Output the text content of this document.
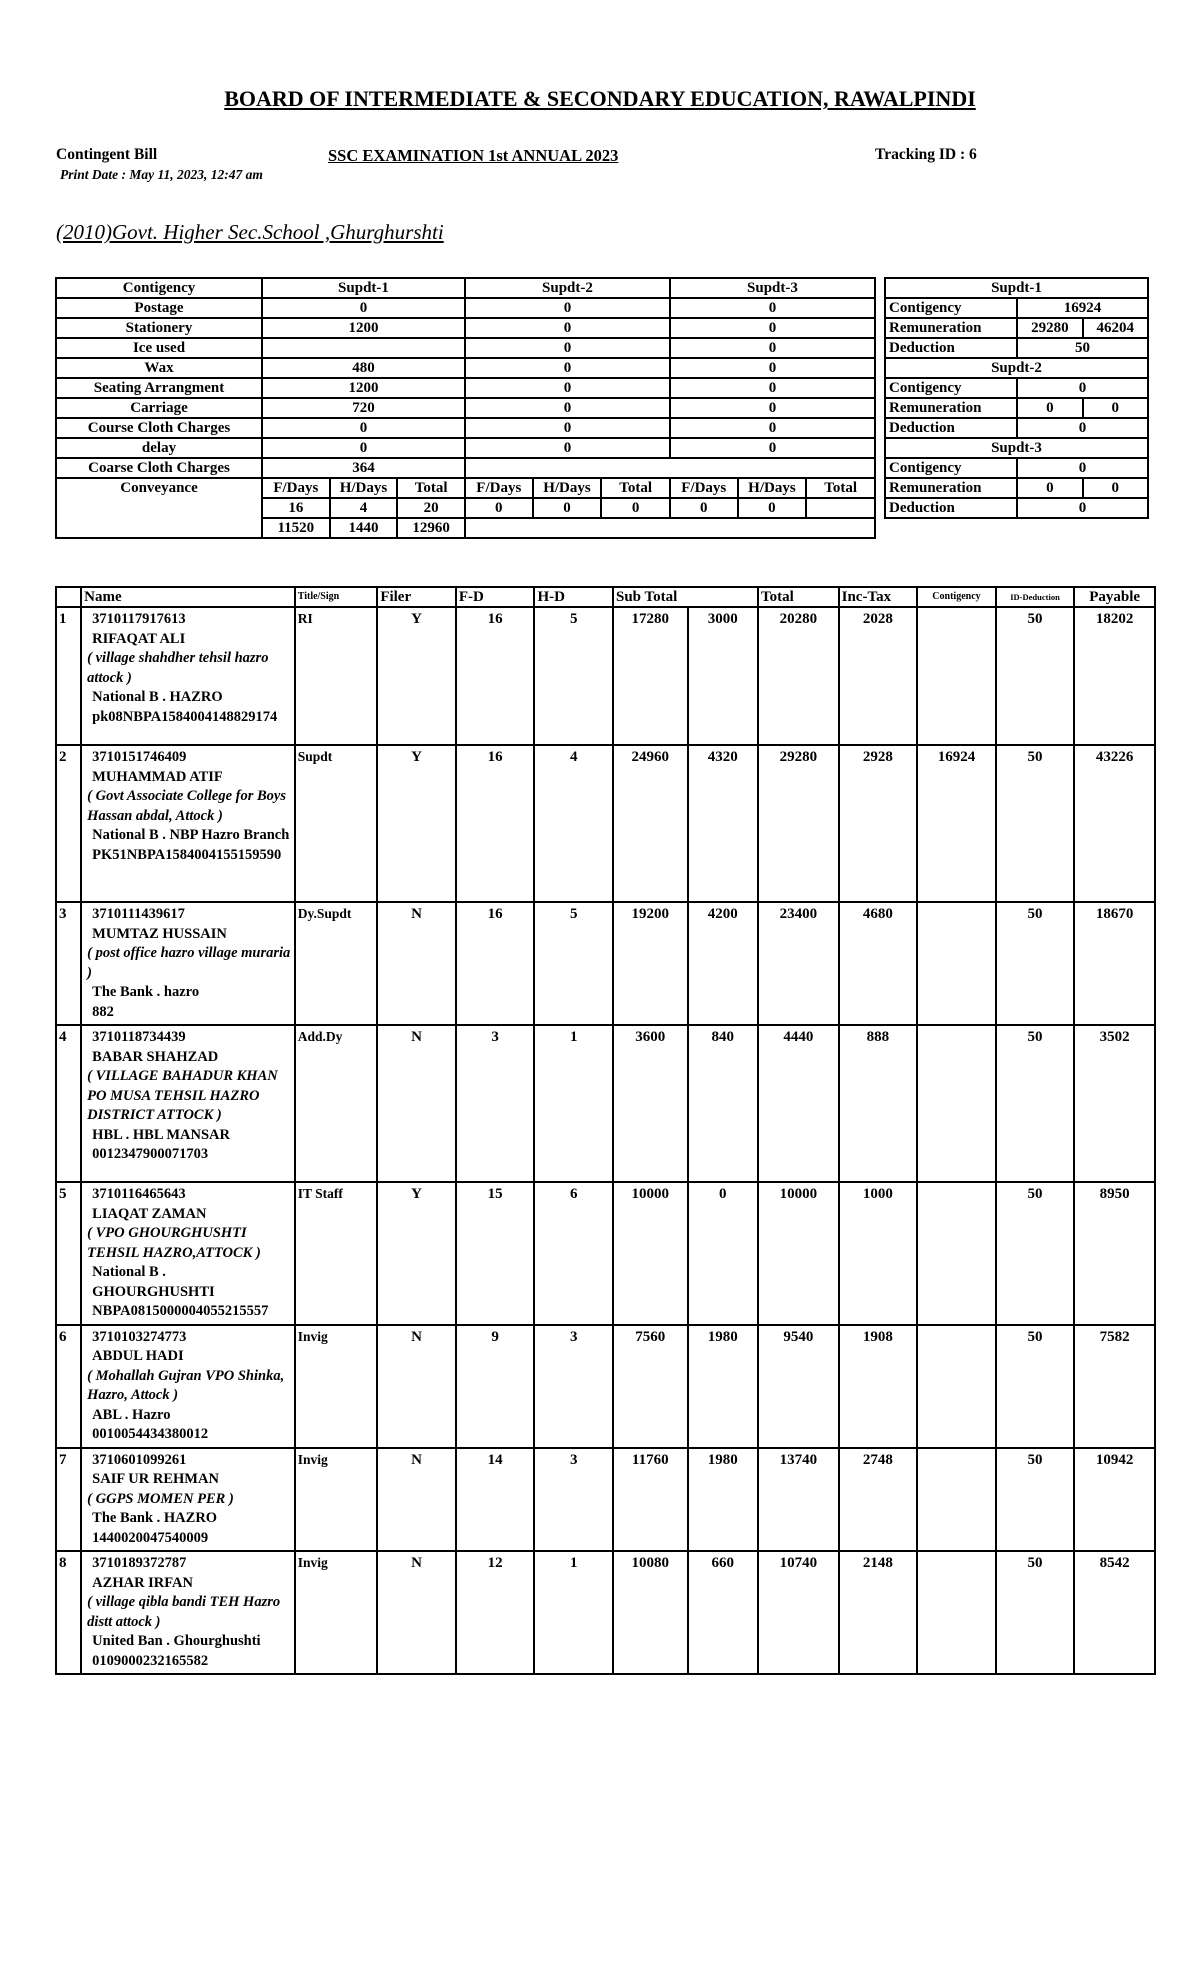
BOARD OF INTERMEDIATE & SECONDARY EDUCATION, RAWALPINDI
Contingent Bill
Print Date : May 11, 2023, 12:47 am
SSC EXAMINATION 1st ANNUAL 2023	Tracking ID : 6
(2010)Govt. Higher Sec.School ,Ghurghurshti
Contigency	Supdt-1			Supdt-2			Supdt-3		
Postage	0			0			0		
Stationery	1200			0			0		
Ice used				0			0		
Wax	480			0			0		
Seating Arrangment	1200			0			0		
Carriage	720			0			0		
Course Cloth Charges	0			0			0		
delay	0			0			0		
Coarse Cloth Charges	364								
Conveyance	F/Days	H/Days	Total	F/Days	H/Days	Total	F/Days	H/Days	Total
	16	4	20	0	0	0	0	0	
	11520	1440	12960						
Supdt-1		
Contigency	16924	
Remuneration	29280	46204
Deduction	50	
Supdt-2		
Contigency	0	
Remuneration	0	0
Deduction	0	
Supdt-3		
Contigency	0	
Remuneration	0	0
Deduction	0	
	Name	Title/Sign	Filer	F-D	H-D	Sub Total		Total	Inc-Tax	Contigency	ID-Deduction	Payable
1	3710117917613
RIFAQAT ALI
( village shahdher tehsil hazro attock )
National B . HAZRO
pk08NBPA1584004148829174	RI	Y	16	5	17280	3000	20280	2028		50	18202
2	3710151746409
MUHAMMAD ATIF
( Govt Associate College for Boys Hassan abdal, Attock )
National B . NBP Hazro Branch
PK51NBPA1584004155159590	Supdt	Y	16	4	24960	4320	29280	2928	16924	50	43226
3	3710111439617
MUMTAZ HUSSAIN
( post office hazro village muraria )
The Bank . hazro
882	Dy.Supdt	N	16	5	19200	4200	23400	4680		50	18670
4	3710118734439
BABAR SHAHZAD
( VILLAGE BAHADUR KHAN PO MUSA TEHSIL HAZRO DISTRICT ATTOCK )
HBL . HBL MANSAR
0012347900071703	Add.Dy	N	3	1	3600	840	4440	888		50	3502
5	3710116465643
LIAQAT ZAMAN
( VPO GHOURGHUSHTI TEHSIL HAZRO,ATTOCK )
National B . GHOURGHUSHTI
NBPA0815000004055215557	IT Staff	Y	15	6	10000	0	10000	1000		50	8950
6	3710103274773
ABDUL HADI
( Mohallah Gujran VPO Shinka, Hazro, Attock )
ABL . Hazro
0010054434380012	Invig	N	9	3	7560	1980	9540	1908		50	7582
7	3710601099261
SAIF UR REHMAN
( GGPS MOMEN PER )
The Bank . HAZRO
1440020047540009	Invig	N	14	3	11760	1980	13740	2748		50	10942
8	3710189372787
AZHAR IRFAN
( village qibla bandi TEH Hazro distt attock )
United Ban . Ghourghushti
0109000232165582	Invig	N	12	1	10080	660	10740	2148		50	8542
